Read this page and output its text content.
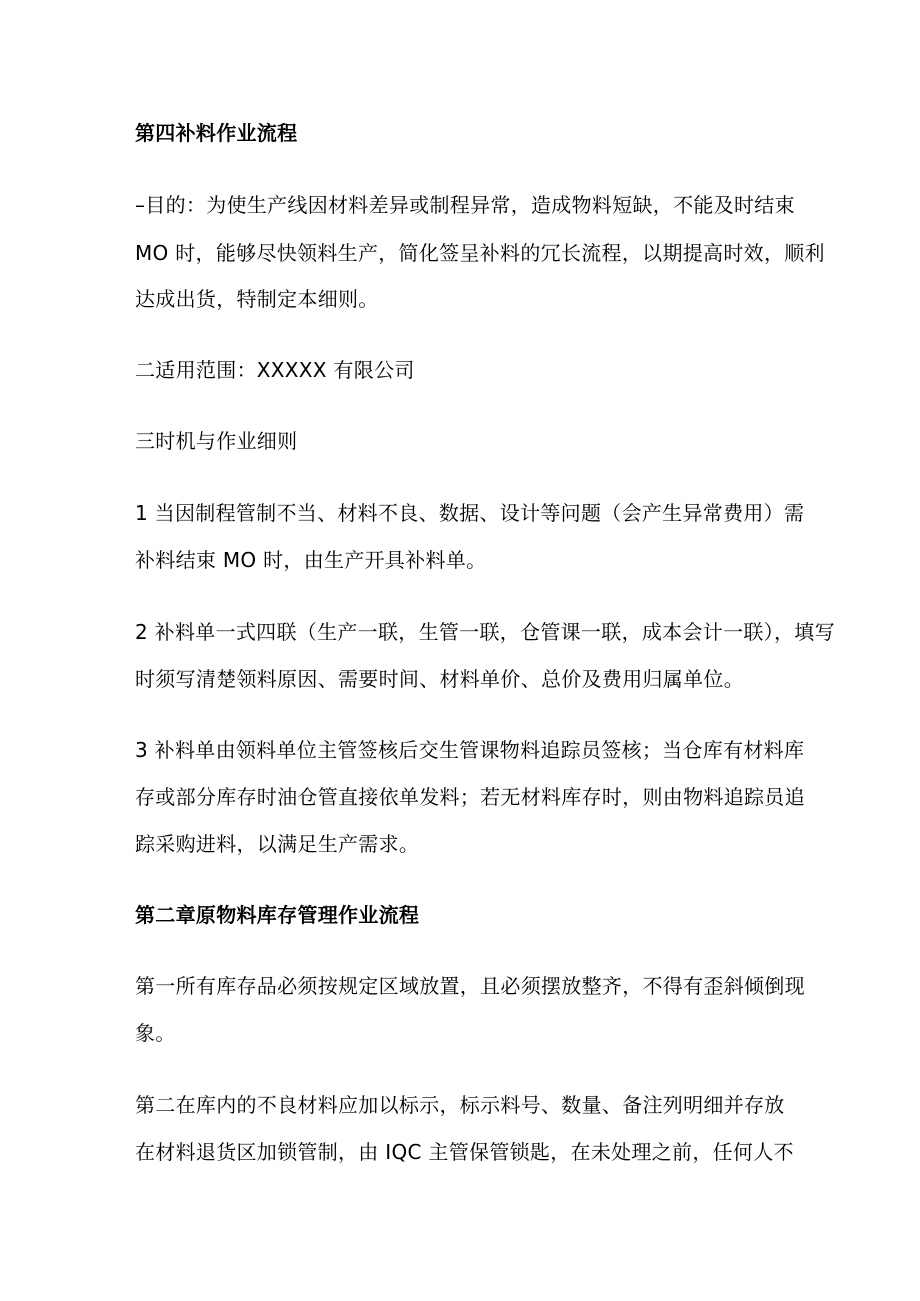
第四补料作业流程
–目的：为使生产线因材料差异或制程异常，造成物料短缺，不能及时结束
MO 时，能够尽快领料生产，简化签呈补料的冗长流程，以期提高时效，顺利
达成出货，特制定本细则。
二适用范围：XXXXX 有限公司
三时机与作业细则
1 当因制程管制不当、材料不良、数据、设计等问题（会产生异常费用）需
补料结束 MO 时，由生产开具补料单。
2 补料单一式四联（生产一联，生管一联，仓管课一联，成本会计一联），填写
时须写清楚领料原因、需要时间、材料单价、总价及费用归属单位。
3 补料单由领料单位主管签核后交生管课物料追踪员签核；当仓库有材料库
存或部分库存时油仓管直接依单发料；若无材料库存时，则由物料追踪员追
踪采购进料，以满足生产需求。
第二章原物料库存管理作业流程
第一所有库存品必须按规定区域放置，且必须摆放整齐，不得有歪斜倾倒现
象。
第二在库内的不良材料应加以标示，标示料号、数量、备注列明细并存放
在材料退货区加锁管制，由 IQC 主管保管锁匙，在未处理之前，任何人不
